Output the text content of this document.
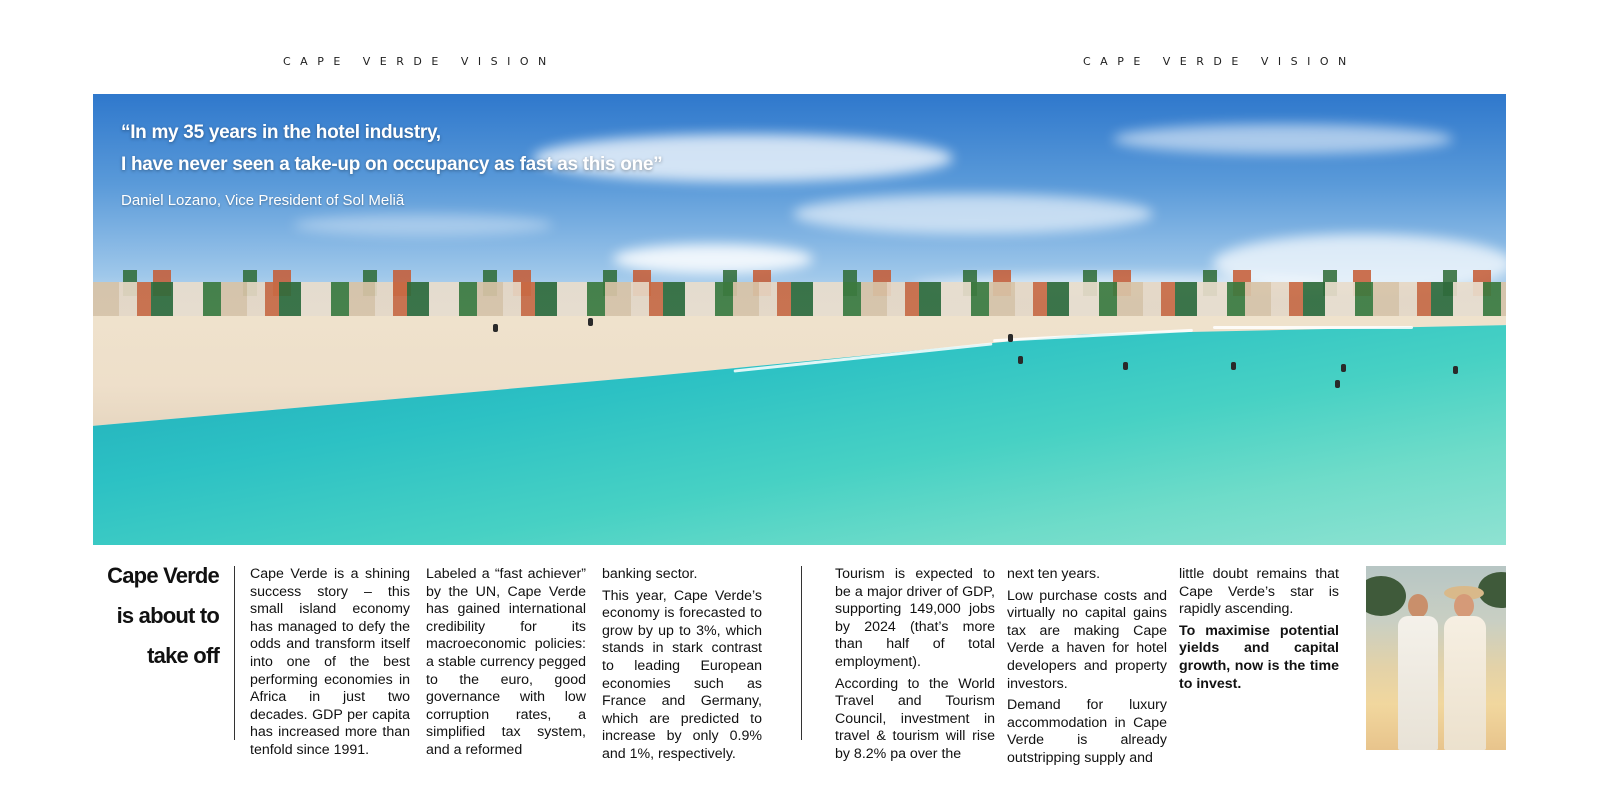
CAPE VERDE VISION	CAPE VERDE VISION
“In my 35 years in the hotel industry,
I have never seen a take-up on occupancy as fast as this one”
Daniel Lozano, Vice President of Sol Meliã
Cape Verde
is about to
take off

Cape Verde is a shining success story – this small island economy has managed to defy the odds and transform itself into one of the best performing economies in Africa in just two decades. GDP per capita has increased more than tenfold since 1991.

Labeled a “fast achiever” by the UN, Cape Verde has gained international credibility for its macroeconomic policies: a stable currency pegged to the euro, good governance with low corruption rates, a simplified tax system, and a reformed

banking sector.

This year, Cape Verde’s economy is forecasted to grow by up to 3%, which stands in stark contrast to leading European economies such as France and Germany, which are predicted to increase by only 0.9% and 1%, respectively.

Tourism is expected to be a major driver of GDP, supporting 149,000 jobs by 2024 (that’s more than half of total employment).

According to the World Travel and Tourism Council, investment in travel & tourism will rise by 8.2% pa over the

next ten years.

Low purchase costs and virtually no capital gains tax are making Cape Verde a haven for hotel developers and property investors.

Demand for luxury accommodation in Cape Verde is already outstripping supply and

little doubt remains that Cape Verde’s star is rapidly ascending.

To maximise potential yields and capital growth, now is the time to invest.
